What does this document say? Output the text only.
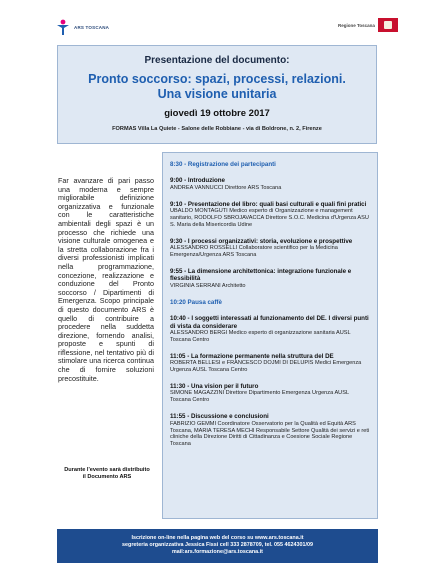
ARS TOSCANA	Regione Toscana
Presentazione del documento:
Pronto soccorso: spazi, processi, relazioni.
Una visione unitaria
giovedì 19 ottobre 2017
FORMAS Villa La Quiete - Salone delle Robbiane - via di Boldrone, n. 2, Firenze

Far avanzare di pari passo una moderna e sempre migliorabile definizione organizzativa e funzionale con le caratteristiche ambientali degli spazi è un processo che richiede una visione culturale omogenea e la stretta collaborazione fra i diversi professionisti implicati nella programmazione, concezione, realizzazione e conduzione del Pronto soccorso / Dipartimenti di Emergenza. Scopo principale di questo documento ARS è quello di contribuire a procedere nella suddetta direzione, fornendo analisi, proposte e spunti di riflessione, nel tentativo più di stimolare una ricerca continua che di fornire soluzioni precostituite.

Durante l'evento sarà distribuito il Documento ARS
8:30 - Registrazione dei partecipanti
9:00 - Introduzione
ANDREA VANNUCCI Direttore ARS Toscana
9:10 - Presentazione del libro: quali basi culturali e quali fini pratici
UBALDO MONTAGUTI Medico esperto di Organizzazione e management sanitario, RODOLFO SBROJAVACCA Direttore S.O.C. Medicina d'Urgenza ASU S. Maria della Misericordia Udine
9:30 - I processi organizzativi: storia, evoluzione e prospettive
ALESSANDRO ROSSELLI Collaboratore scientifico per la Medicina Emergenza/Urgenza ARS Toscana
9:55 - La dimensione architettonica: integrazione funzionale e flessibilità
VIRGINIA SERRANI Architetto
10:20 Pausa caffè
10:40 - I soggetti interessati al funzionamento del DE. I diversi punti di vista da considerare
ALESSANDRO BERGI Medico esperto di organizzazione sanitaria AUSL Toscana Centro
11:05 - La formazione permanente nella struttura del DE
ROBERTA BELLESI e FRANCESCO DOJMI DI DELUPIS Medici Emergenza Urgenza AUSL Toscana Centro
11:30 - Una vision per il futuro
SIMONE MAGAZZINI Direttore Dipartimento Emergenza Urgenza AUSL Toscana Centro
11:55 - Discussione e conclusioni
FABRIZIO GEMMI Coordinatore Osservatorio per la Qualità ed Equità ARS Toscana, MARIA TERESA MECHI Responsabile Settore Qualità dei servizi e reti cliniche della Direzione Diritti di Cittadinanza e Coesione Sociale Regione Toscana
Iscrizione on-line nella pagina web del corso su www.ars.toscana.it
segreteria organizzativa Jessica Fissi cell 333 2878709, tel. 055 4624301/09
mail:ars.formazione@ars.toscana.it
